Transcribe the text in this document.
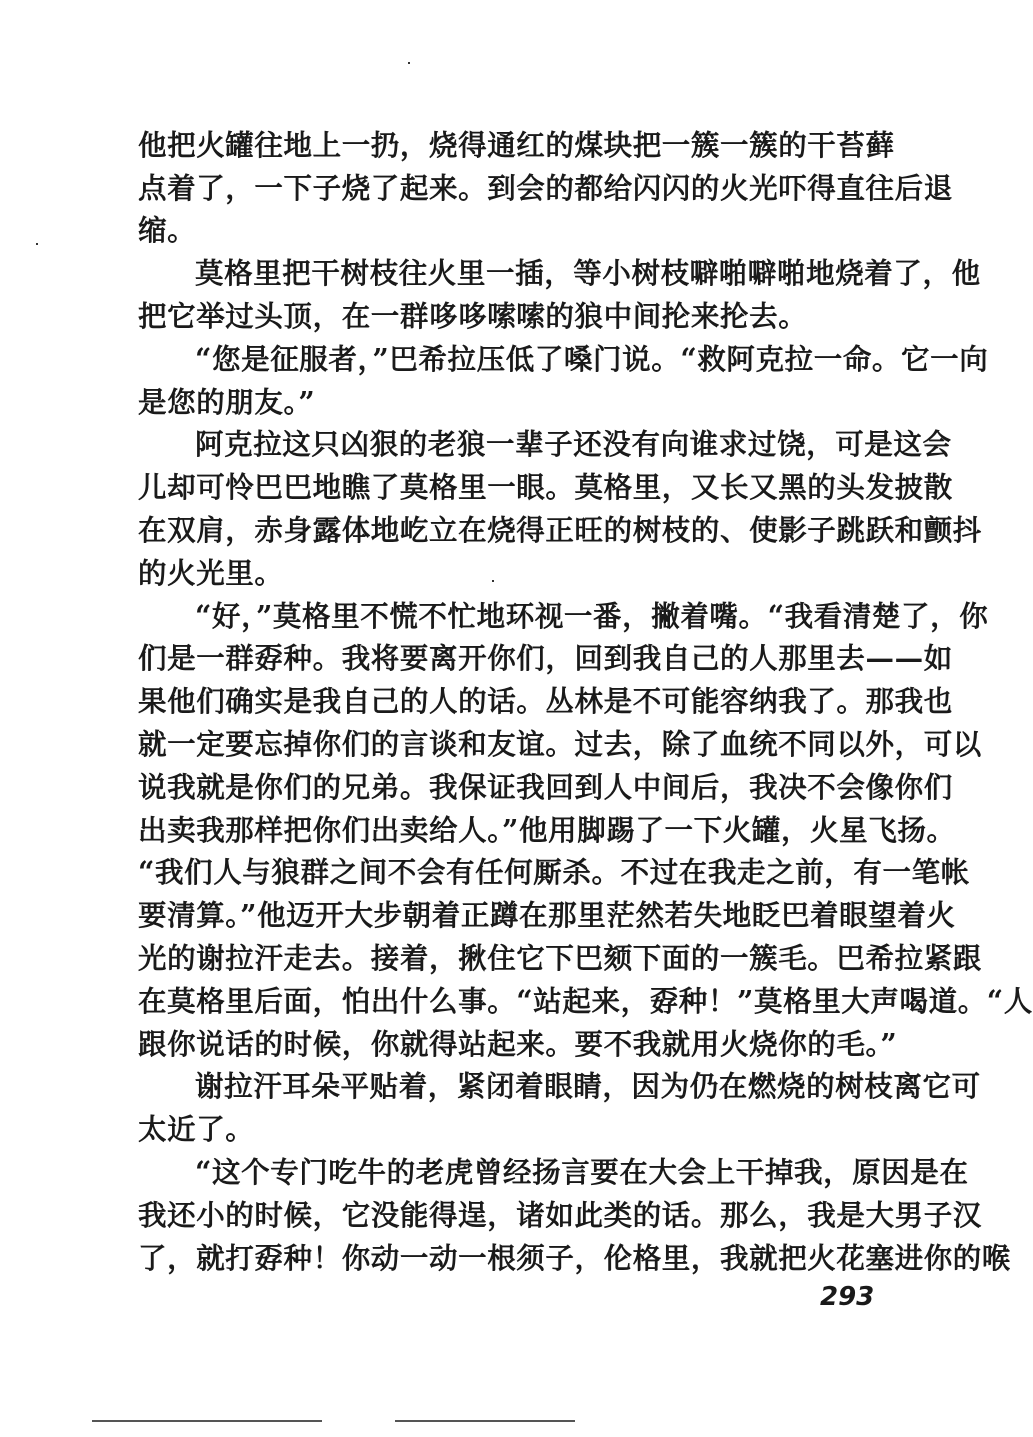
他把火罐往地上一扔，烧得通红的煤块把一簇一簇的干苔藓
点着了，一下子烧了起来。到会的都给闪闪的火光吓得直往后退
缩。
莫格里把干树枝往火里一插，等小树枝噼啪噼啪地烧着了，他
把它举过头顶，在一群哆哆嗦嗦的狼中间抡来抡去。
“您是征服者，”巴希拉压低了嗓门说。“救阿克拉一命。它一向
是您的朋友。”
阿克拉这只凶狠的老狼一辈子还没有向谁求过饶，可是这会
儿却可怜巴巴地瞧了莫格里一眼。莫格里，又长又黑的头发披散
在双肩，赤身露体地屹立在烧得正旺的树枝的、使影子跳跃和颤抖
的火光里。
“好，”莫格里不慌不忙地环视一番，撇着嘴。“我看清楚了，你
们是一群孬种。我将要离开你们，回到我自己的人那里去——如
果他们确实是我自己的人的话。丛林是不可能容纳我了。那我也
就一定要忘掉你们的言谈和友谊。过去，除了血统不同以外，可以
说我就是你们的兄弟。我保证我回到人中间后，我决不会像你们
出卖我那样把你们出卖给人。”他用脚踢了一下火罐，火星飞扬。
“我们人与狼群之间不会有任何厮杀。不过在我走之前，有一笔帐
要清算。”他迈开大步朝着正蹲在那里茫然若失地眨巴着眼望着火
光的谢拉汗走去。接着，揪住它下巴颏下面的一簇毛。巴希拉紧跟
在莫格里后面，怕出什么事。“站起来，孬种！”莫格里大声喝道。“人
跟你说话的时候，你就得站起来。要不我就用火烧你的毛。”
谢拉汗耳朵平贴着，紧闭着眼睛，因为仍在燃烧的树枝离它可
太近了。
“这个专门吃牛的老虎曾经扬言要在大会上干掉我，原因是在
我还小的时候，它没能得逞，诸如此类的话。那么，我是大男子汉
了，就打孬种！你动一动一根须子，伦格里，我就把火花塞进你的喉
293
